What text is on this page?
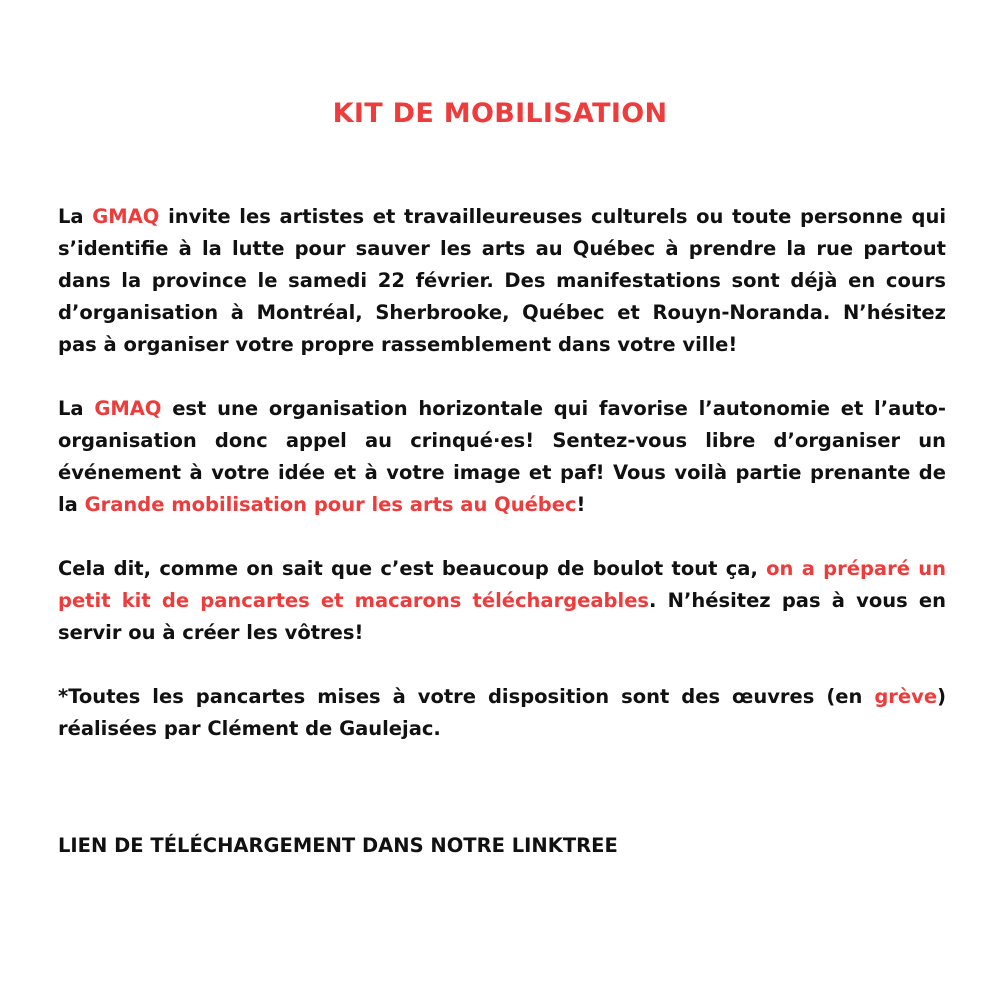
KIT DE MOBILISATION

La GMAQ invite les artistes et travailleureuses culturels ou toute personne qui s’identifie à la lutte pour sauver les arts au Québec à prendre la rue partout dans la province le samedi 22 février. Des manifestations sont déjà en cours d’organisation à Montréal, Sherbrooke, Québec et Rouyn-Noranda. N’hésitez pas à organiser votre propre rassemblement dans votre ville!

La GMAQ est une organisation horizontale qui favorise l’autonomie et l’auto-organisation donc appel au crinqué·es! Sentez-vous libre d’organiser un événement à votre idée et à votre image et paf! Vous voilà partie prenante de la Grande mobilisation pour les arts au Québec!

Cela dit, comme on sait que c’est beaucoup de boulot tout ça, on a préparé un petit kit de pancartes et macarons téléchargeables. N’hésitez pas à vous en servir ou à créer les vôtres!

*Toutes les pancartes mises à votre disposition sont des œuvres (en grève) réalisées par Clément de Gaulejac.

LIEN DE TÉLÉCHARGEMENT DANS NOTRE LINKTREE
